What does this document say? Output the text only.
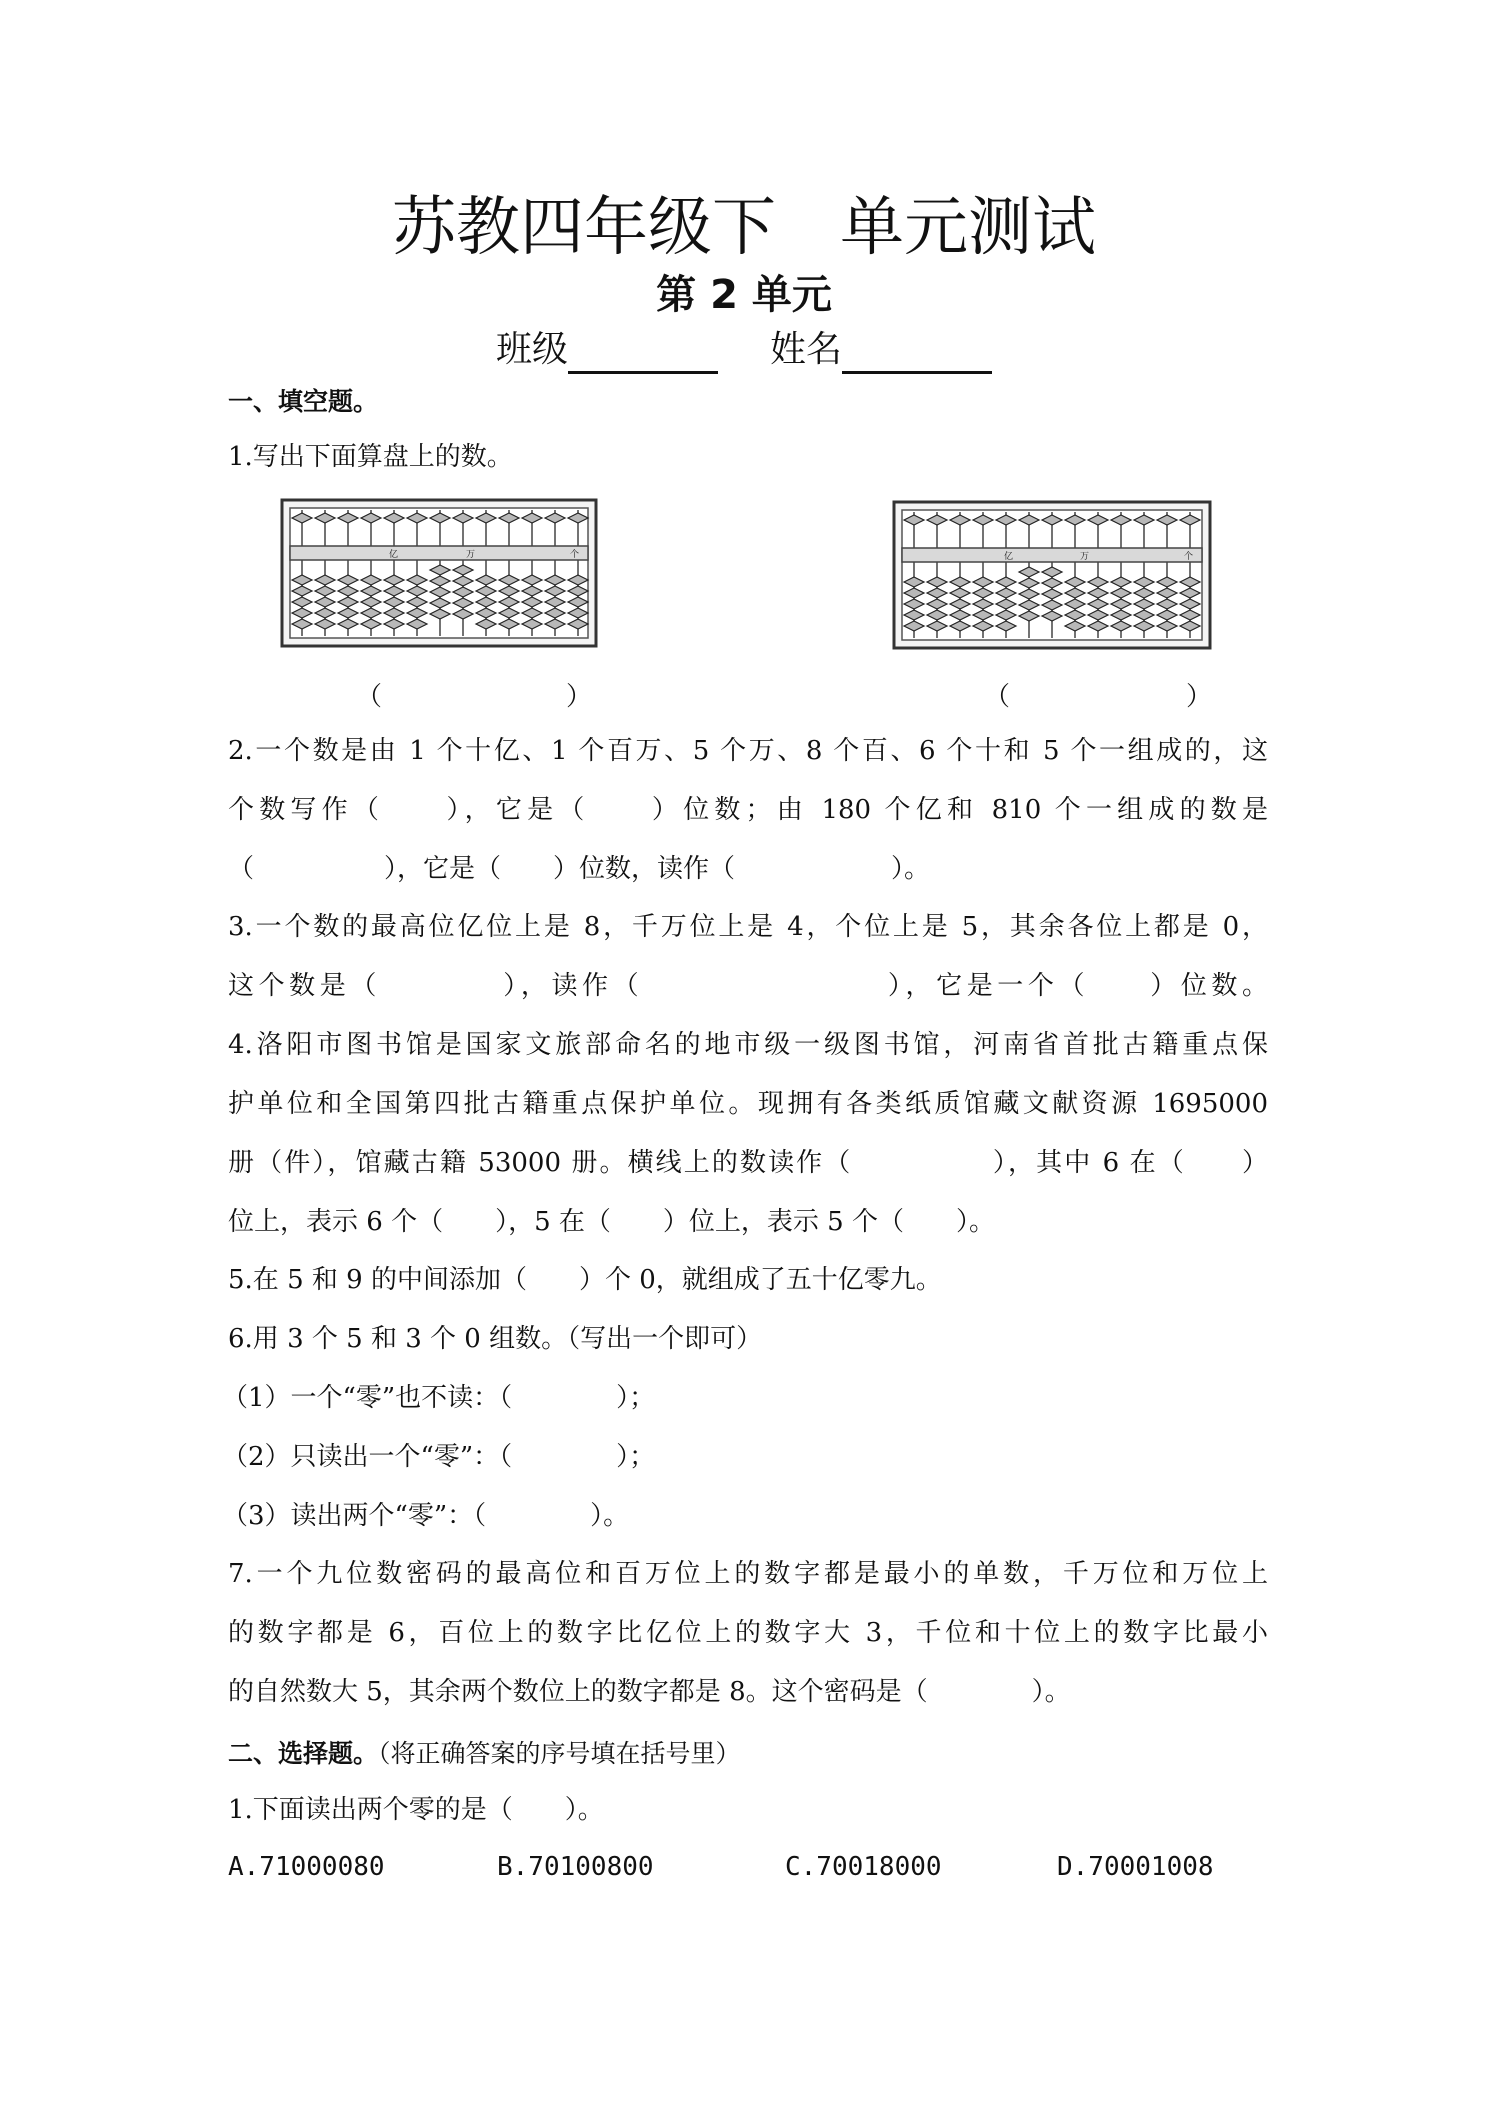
苏教四年级下 单元测试
第 2 单元
班级	姓名
一、填空题。
1.写出下面算盘上的数。
亿	万	个	亿	万	个
（	）	（	）
2.一个数是由 1 个十亿、1 个百万、5 个万、8 个百、6 个十和 5 个一组成的，这
个数写作（　　），它是（　　）位数；由 180 个亿和 810 个一组成的数是
（　　　　　），它是（　　）位数，读作（　　　　　　）。
3.一个数的最高位亿位上是 8，千万位上是 4，个位上是 5，其余各位上都是 0，
这个数是（　　　　），读作（　　　　　　　　），它是一个（　　）位数。
4.洛阳市图书馆是国家文旅部命名的地市级一级图书馆，河南省首批古籍重点保
护单位和全国第四批古籍重点保护单位。现拥有各类纸质馆藏文献资源 1695000
册（件），馆藏古籍 53000 册。横线上的数读作（　　　　　），其中 6 在（　　）
位上，表示 6 个（　　），5 在（　　）位上，表示 5 个（　　）。
5.在 5 和 9 的中间添加（　　）个 0，就组成了五十亿零九。
6.用 3 个 5 和 3 个 0 组数。（写出一个即可）
（1）一个“零”也不读：（　　　　）；
（2）只读出一个“零”：（　　　　）；
（3）读出两个“零”：（　　　　）。
7.一个九位数密码的最高位和百万位上的数字都是最小的单数，千万位和万位上
的数字都是 6，百位上的数字比亿位上的数字大 3，千位和十位上的数字比最小
的自然数大 5，其余两个数位上的数字都是 8。这个密码是（　　　　）。
二、选择题。（将正确答案的序号填在括号里）
1.下面读出两个零的是（　　）。
A.71000080	B.70100800	C.70018000	D.70001008
